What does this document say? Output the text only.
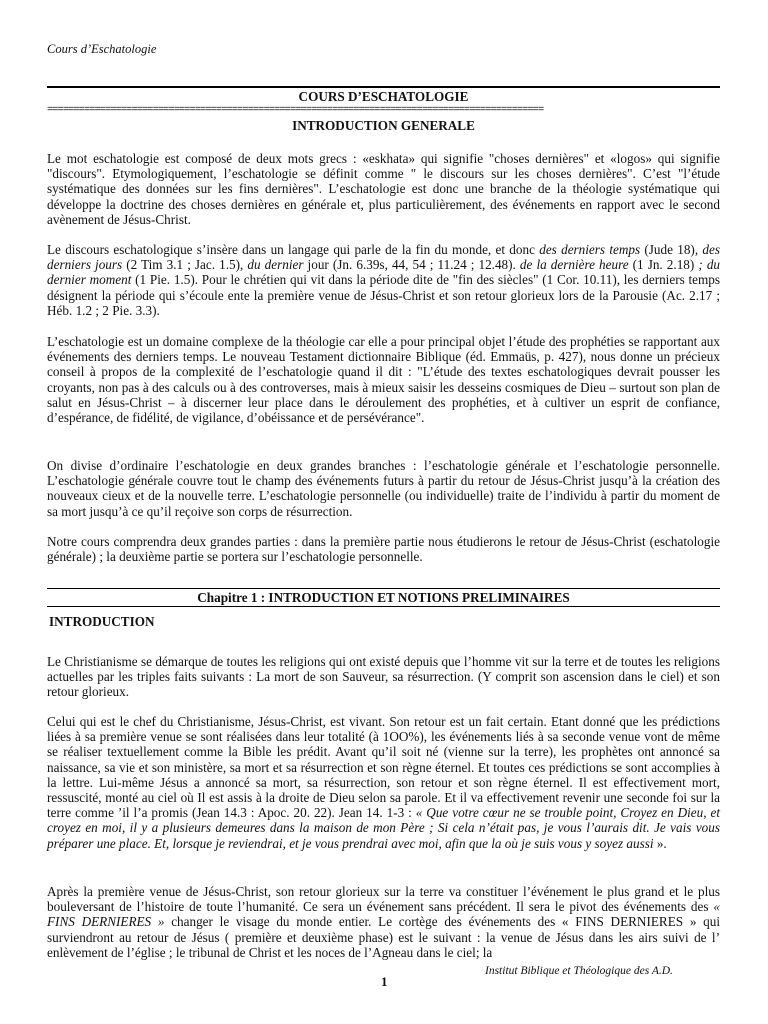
Cours d’Eschatologie
COURS D’ESCHATOLOGIE
==============================================================================================
INTRODUCTION GENERALE

Le mot eschatologie est composé de deux mots grecs : «eskhata» qui signifie "choses dernières" et «logos» qui signifie "discours". Etymologiquement, l’eschatologie se définit comme " le discours sur les choses dernières". C’est "l’étude systématique des données sur les fins dernières". L’eschatologie est donc une branche de la théologie systématique qui développe la doctrine des choses dernières en générale et, plus particulièrement, des événements en rapport avec le second avènement de Jésus-Christ.

Le discours eschatologique s’insère dans un langage qui parle de la fin du monde, et donc des derniers temps (Jude 18), des derniers jours (2 Tim 3.1 ; Jac. 1.5), du dernier jour (Jn. 6.39s, 44, 54 ; 11.24 ; 12.48). de la dernière heure (1 Jn. 2.18) ; du dernier moment (1 Pie. 1.5). Pour le chrétien qui vit dans la période dite de "fin des siècles" (1 Cor. 10.11), les derniers temps désignent la période qui s’écoule ente la première venue de Jésus-Christ et son retour glorieux lors de la Parousie (Ac. 2.17 ; Héb. 1.2 ; 2 Pie. 3.3).

L’eschatologie est un domaine complexe de la théologie car elle a pour principal objet l’étude des prophéties se rapportant aux événements des derniers temps. Le nouveau Testament dictionnaire Biblique (éd. Emmaüs, p. 427), nous donne un précieux conseil à propos de la complexité de l’eschatologie quand il dit : "L’étude des textes eschatologiques devrait pousser les croyants, non pas à des calculs ou à des controverses, mais à mieux saisir les desseins cosmiques de Dieu – surtout son plan de salut en Jésus-Christ – à discerner leur place dans le déroulement des prophéties, et à cultiver un esprit de confiance, d’espérance, de fidélité, de vigilance, d’obéissance et de persévérance".

On divise d’ordinaire l’eschatologie en deux grandes branches : l’eschatologie générale et l’eschatologie personnelle. L’eschatologie générale couvre tout le champ des événements futurs à partir du retour de Jésus-Christ jusqu’à la création des nouveaux cieux et de la nouvelle terre. L’eschatologie personnelle (ou individuelle) traite de l’individu à partir du moment de sa mort jusqu’à ce qu’il reçoive son corps de résurrection.

Notre cours comprendra deux grandes parties : dans la première partie nous étudierons le retour de Jésus-Christ (eschatologie générale) ; la deuxième partie se portera sur l’eschatologie personnelle.

Chapitre 1 : INTRODUCTION ET NOTIONS PRELIMINAIRES
INTRODUCTION

Le Christianisme se démarque de toutes les religions qui ont existé depuis que l’homme vit sur la terre et de toutes les religions actuelles par les triples faits suivants : La mort de son Sauveur, sa résurrection. (Y comprit son ascension dans le ciel) et son retour glorieux.

Celui qui est le chef du Christianisme, Jésus-Christ, est vivant. Son retour est un fait certain. Etant donné que les prédictions liées à sa première venue se sont réalisées dans leur totalité (à 1OO%), les événements liés à sa seconde venue vont de même se réaliser textuellement comme la Bible les prédit. Avant qu’il soit né (vienne sur la terre), les prophètes ont annoncé sa naissance, sa vie et son ministère, sa mort et sa résurrection et son règne éternel. Et toutes ces prédictions se sont accomplies à la lettre. Lui-même Jésus a annoncé sa mort, sa résurrection, son retour et son règne éternel. Il est effectivement mort, ressuscité, monté au ciel où Il est assis à la droite de Dieu selon sa parole. Et il va effectivement revenir une seconde foi sur la terre comme ’il l’a promis (Jean 14.3 : Apoc. 20. 22). Jean 14. 1-3 : « Que votre cœur ne se trouble point, Croyez en Dieu, et croyez en moi, il y a plusieurs demeures dans la maison de mon Père ; Si cela n’était pas, je vous l’aurais dit. Je vais vous préparer une place. Et, lorsque je reviendrai, et je vous prendrai avec moi, afin que la où je suis vous y soyez aussi ».

Après la première venue de Jésus-Christ, son retour glorieux sur la terre va constituer l’événement le plus grand et le plus bouleversant de l’histoire de toute l’humanité. Ce sera un événement sans précédent. Il sera le pivot des événements des « FINS DERNIERES » changer le visage du monde entier. Le cortège des événements des « FINS DERNIERES » qui surviendront au retour de Jésus ( première et deuxième phase) est le suivant : la venue de Jésus dans les airs suivi de l’ enlèvement de l’église ; le tribunal de Christ et les noces de l’Agneau dans le ciel; la

Institut Biblique et Théologique des A.D.
1
